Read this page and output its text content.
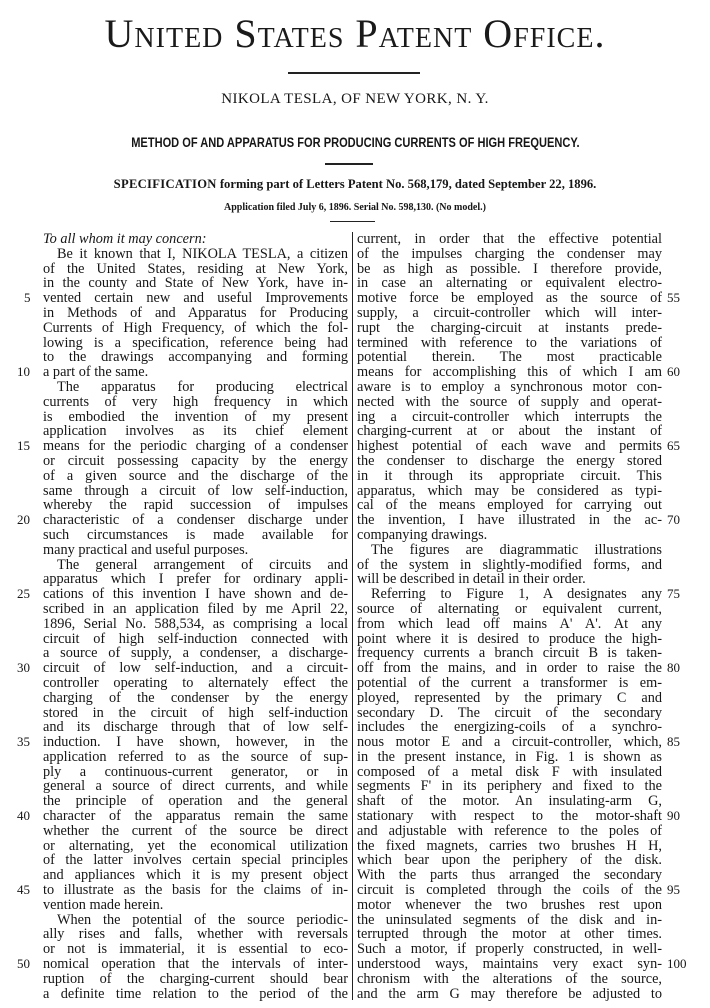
United States Patent Office.
NIKOLA TESLA, OF NEW YORK, N. Y.
METHOD OF AND APPARATUS FOR PRODUCING CURRENTS OF HIGH FREQUENCY.
SPECIFICATION forming part of Letters Patent No. 568,179, dated September 22, 1896.
Application filed July 6, 1896. Serial No. 598,130. (No model.)
To all whom it may concern:
Be it known that I, NIKOLA TESLA, a citizen
of the United States, residing at New York,
in the county and State of New York, have in-
vented certain new and useful Improvements
in Methods of and Apparatus for Producing
Currents of High Frequency, of which the fol-
lowing is a specification, reference being had
to the drawings accompanying and forming
a part of the same.
The apparatus for producing electrical
currents of very high frequency in which
is embodied the invention of my present
application involves as its chief element
means for the periodic charging of a condenser
or circuit possessing capacity by the energy
of a given source and the discharge of the
same through a circuit of low self-induction,
whereby the rapid succession of impulses
characteristic of a condenser discharge under
such circumstances is made available for
many practical and useful purposes.
The general arrangement of circuits and
apparatus which I prefer for ordinary appli-
cations of this invention I have shown and de-
scribed in an application filed by me April 22,
1896, Serial No. 588,534, as comprising a local
circuit of high self-induction connected with
a source of supply, a condenser, a discharge-
circuit of low self-induction, and a circuit-
controller operating to alternately effect the
charging of the condenser by the energy
stored in the circuit of high self-induction
and its discharge through that of low self-
induction. I have shown, however, in the
application referred to as the source of sup-
ply a continuous-current generator, or in
general a source of direct currents, and while
the principle of operation and the general
character of the apparatus remain the same
whether the current of the source be direct
or alternating, yet the economical utilization
of the latter involves certain special principles
and appliances which it is my present object
to illustrate as the basis for the claims of in-
vention made herein.
When the potential of the source periodic-
ally rises and falls, whether with reversals
or not is immaterial, it is essential to eco-
nomical operation that the intervals of inter-
ruption of the charging-current should bear
a definite time relation to the period of the
current, in order that the effective potential
of the impulses charging the condenser may
be as high as possible. I therefore provide,
in case an alternating or equivalent electro-
motive force be employed as the source of
supply, a circuit-controller which will inter-
rupt the charging-circuit at instants prede-
termined with reference to the variations of
potential therein. The most practicable
means for accomplishing this of which I am
aware is to employ a synchronous motor con-
nected with the source of supply and operat-
ing a circuit-controller which interrupts the
charging-current at or about the instant of
highest potential of each wave and permits
the condenser to discharge the energy stored
in it through its appropriate circuit. This
apparatus, which may be considered as typi-
cal of the means employed for carrying out
the invention, I have illustrated in the ac-
companying drawings.
The figures are diagrammatic illustrations
of the system in slightly-modified forms, and
will be described in detail in their order.
Referring to Figure 1, A designates any
source of alternating or equivalent current,
from which lead off mains A' A'. At any
point where it is desired to produce the high-
frequency currents a branch circuit B is taken-
off from the mains, and in order to raise the
potential of the current a transformer is em-
ployed, represented by the primary C and
secondary D. The circuit of the secondary
includes the energizing-coils of a synchro-
nous motor E and a circuit-controller, which,
in the present instance, in Fig. 1 is shown as
composed of a metal disk F with insulated
segments F' in its periphery and fixed to the
shaft of the motor. An insulating-arm G,
stationary with respect to the motor-shaft
and adjustable with reference to the poles of
the fixed magnets, carries two brushes H H,
which bear upon the periphery of the disk.
With the parts thus arranged the secondary
circuit is completed through the coils of the
motor whenever the two brushes rest upon
the uninsulated segments of the disk and in-
terrupted through the motor at other times.
Such a motor, if properly constructed, in well-
understood ways, maintains very exact syn-
chronism with the alterations of the source,
and the arm G may therefore be adjusted to
5
10
15
20
25
30
35
40
45
50
55
60
65
70
75
80
85
90
95
100
